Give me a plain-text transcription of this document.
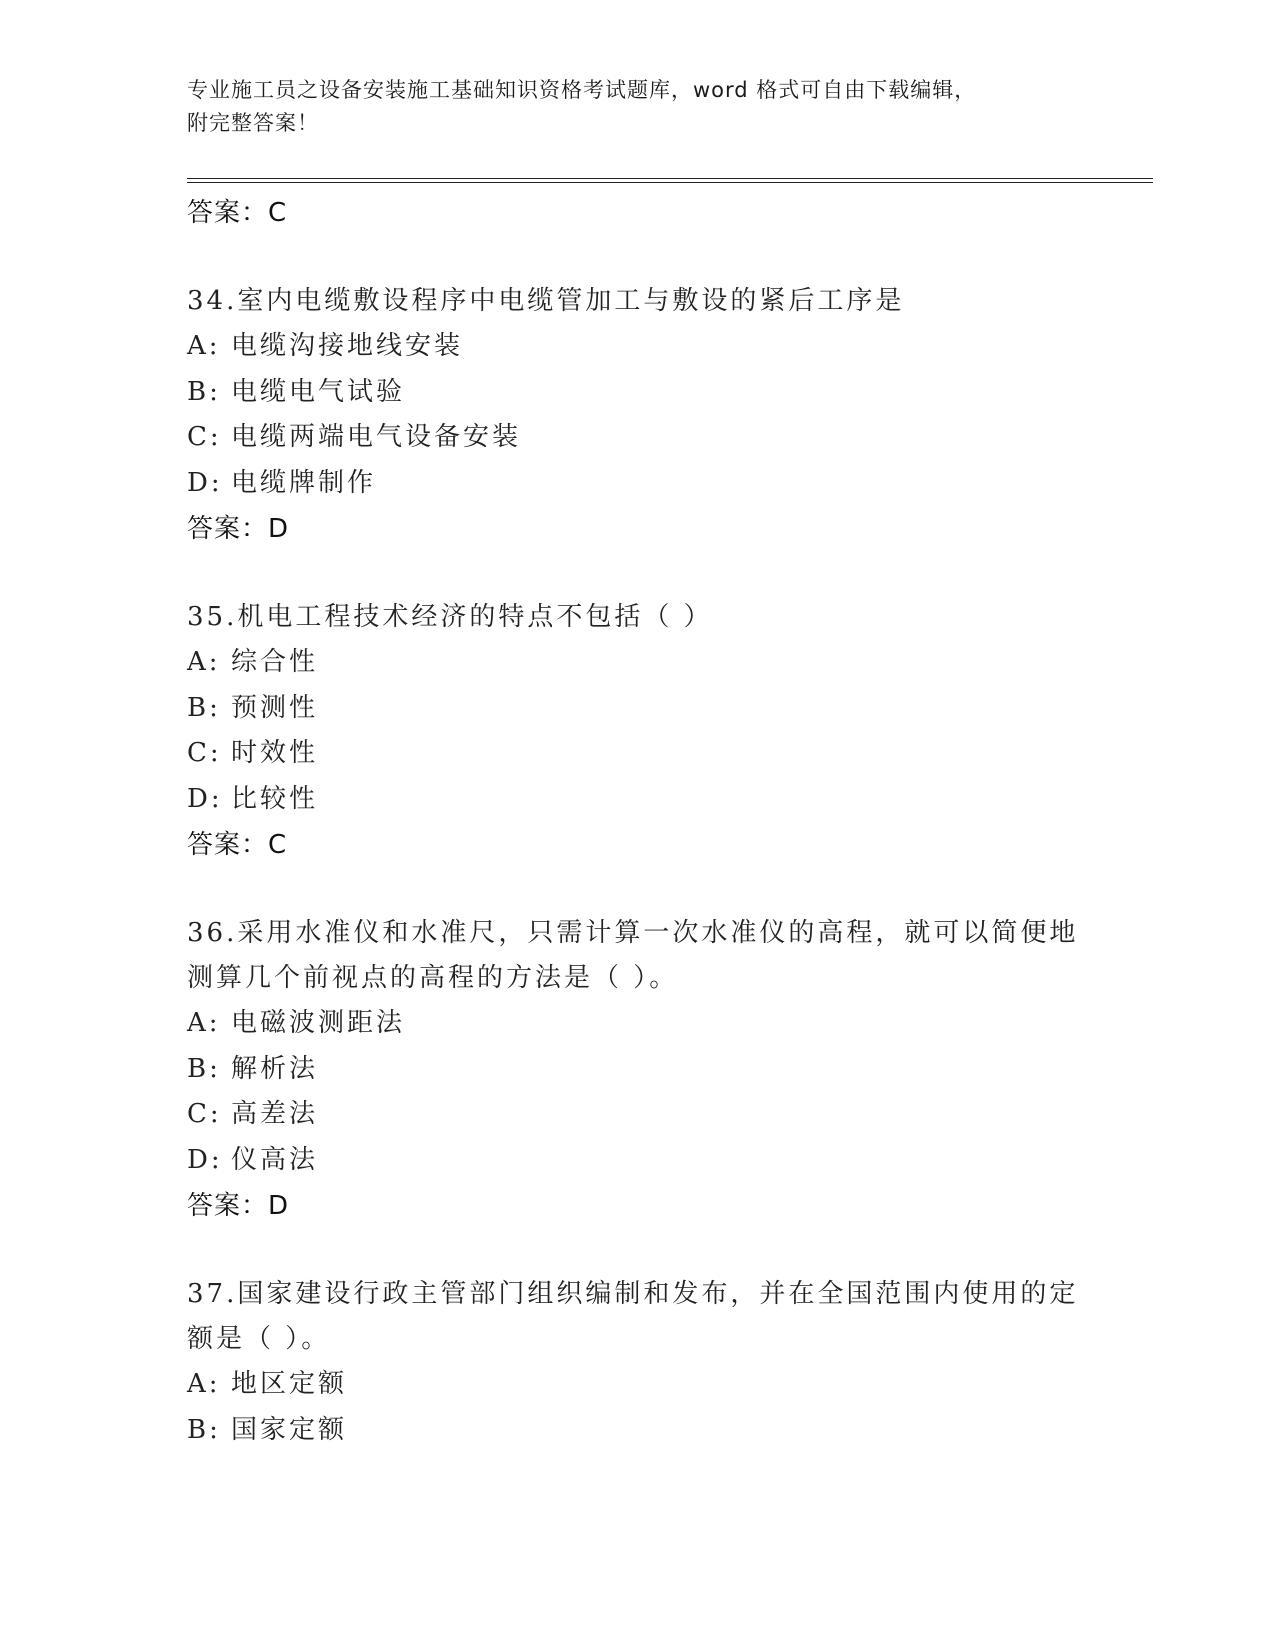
专业施工员之设备安装施工基础知识资格考试题库，word 格式可自由下载编辑，
附完整答案！
答案：C
34.室内电缆敷设程序中电缆管加工与敷设的紧后工序是
A: 电缆沟接地线安装
B: 电缆电气试验
C: 电缆两端电气设备安装
D: 电缆牌制作
答案：D
35.机电工程技术经济的特点不包括（ ）
A: 综合性
B: 预测性
C: 时效性
D: 比较性
答案：C
36.采用水准仪和水准尺，只需计算一次水准仪的高程，就可以简便地测算几个前视点的高程的方法是（ ）。
A: 电磁波测距法
B: 解析法
C: 高差法
D: 仪高法
答案：D
37.国家建设行政主管部门组织编制和发布，并在全国范围内使用的定额是（ ）。
A: 地区定额
B: 国家定额
